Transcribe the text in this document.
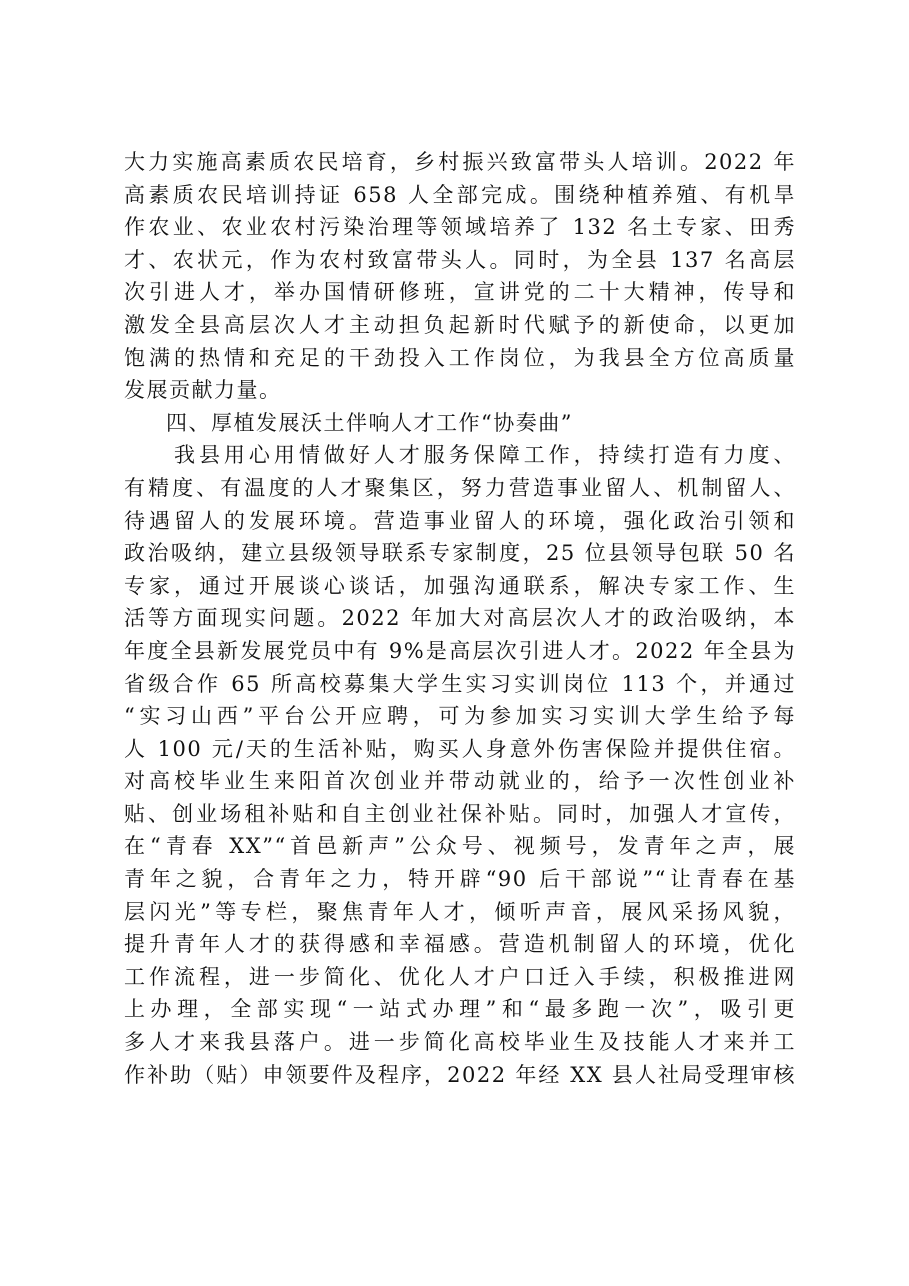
大力实施高素质农民培育，乡村振兴致富带头人培训。2022 年
高素质农民培训持证 658 人全部完成。围绕种植养殖、有机旱
作农业、农业农村污染治理等领域培养了 132 名土专家、田秀
才、农状元，作为农村致富带头人。同时，为全县 137 名高层
次引进人才，举办国情研修班，宣讲党的二十大精神，传导和
激发全县高层次人才主动担负起新时代赋予的新使命，以更加
饱满的热情和充足的干劲投入工作岗位，为我县全方位高质量
发展贡献力量。
四、厚植发展沃土伴响人才工作“协奏曲”
　　我县用心用情做好人才服务保障工作，持续打造有力度、
有精度、有温度的人才聚集区，努力营造事业留人、机制留人、
待遇留人的发展环境。营造事业留人的环境，强化政治引领和
政治吸纳，建立县级领导联系专家制度，25 位县领导包联 50 名
专家，通过开展谈心谈话，加强沟通联系，解决专家工作、生
活等方面现实问题。2022 年加大对高层次人才的政治吸纳，本
年度全县新发展党员中有 9%是高层次引进人才。2022 年全县为
省级合作 65 所高校募集大学生实习实训岗位 113 个，并通过
“实习山西”平台公开应聘，可为参加实习实训大学生给予每
人 100 元/天的生活补贴，购买人身意外伤害保险并提供住宿。
对高校毕业生来阳首次创业并带动就业的，给予一次性创业补
贴、创业场租补贴和自主创业社保补贴。同时，加强人才宣传，
在“青春 XX”“首邑新声”公众号、视频号，发青年之声，展
青年之貌，合青年之力，特开辟“90 后干部说”“让青春在基
层闪光”等专栏，聚焦青年人才，倾听声音，展风采扬风貌，
提升青年人才的获得感和幸福感。营造机制留人的环境，优化
工作流程，进一步简化、优化人才户口迁入手续，积极推进网
上办理，全部实现“一站式办理”和“最多跑一次”，吸引更
多人才来我县落户。进一步简化高校毕业生及技能人才来并工
作补助（贴）申领要件及程序，2022 年经 XX 县人社局受理审核
